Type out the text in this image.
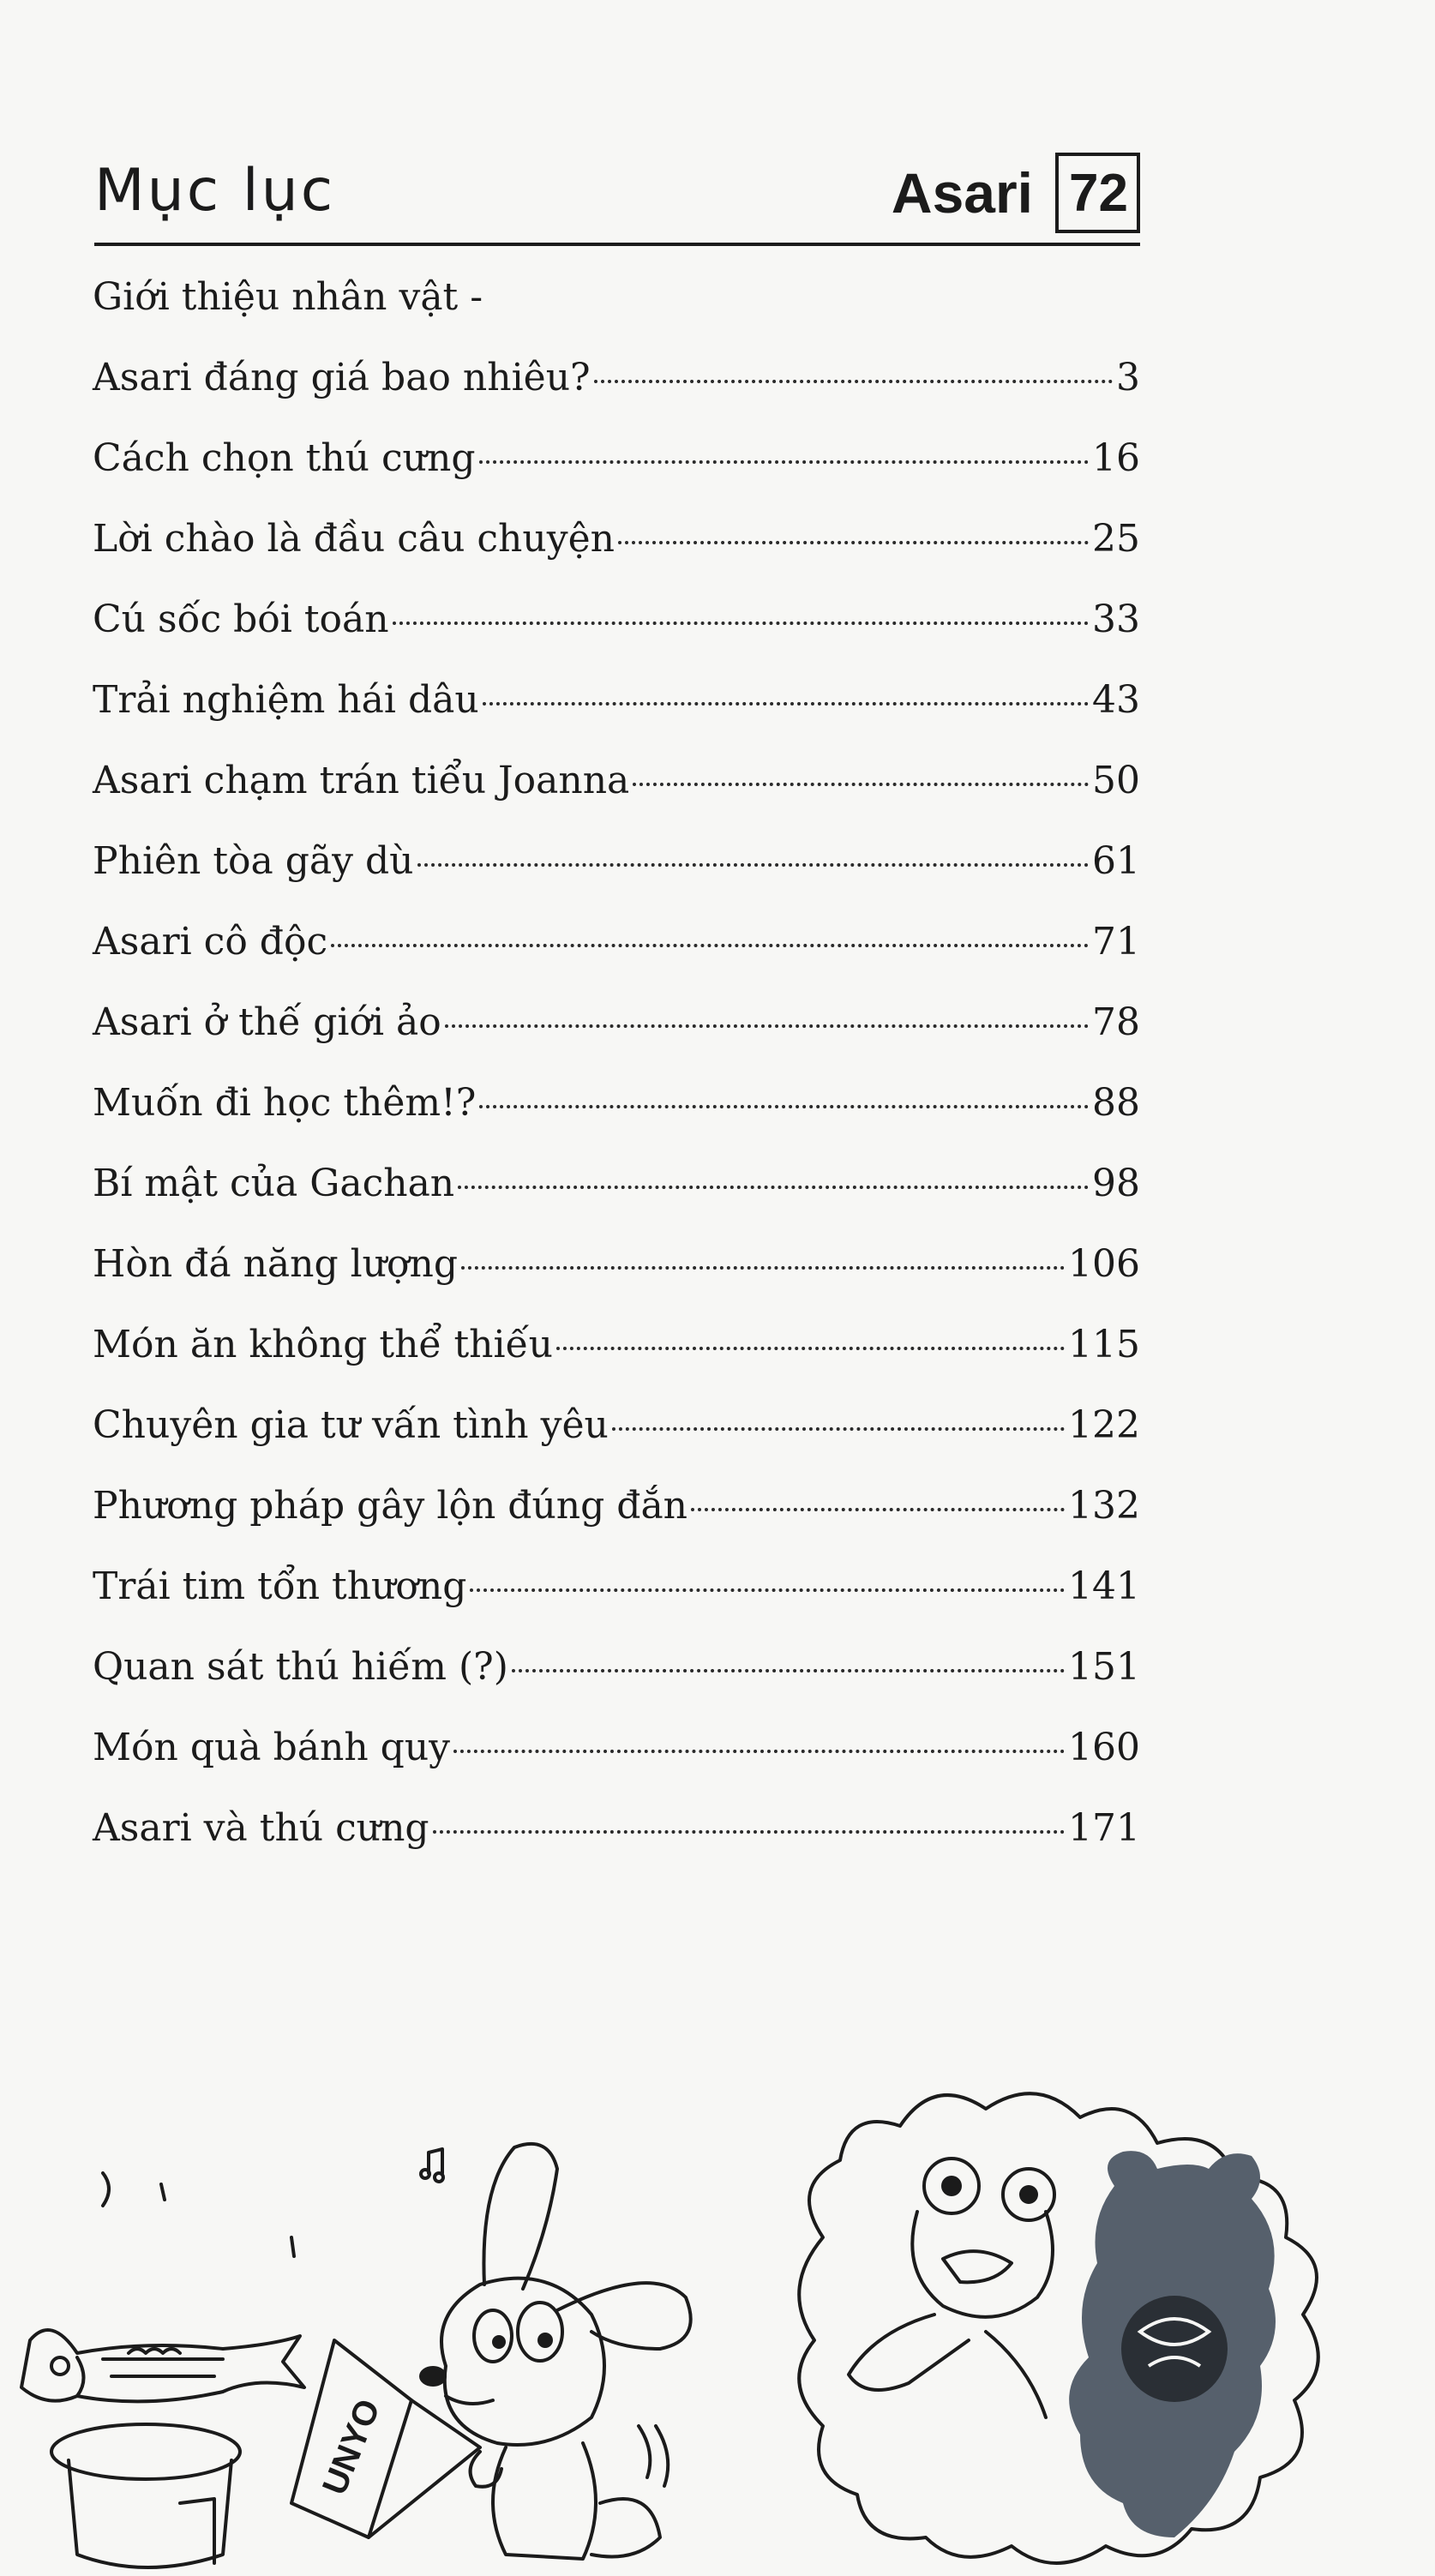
Mục lục	Asari 72
Giới thiệu nhân vật -
Asari đáng giá bao nhiêu?	3
Cách chọn thú cưng	16
Lời chào là đầu câu chuyện	25
Cú sốc bói toán	33
Trải nghiệm hái dâu	43
Asari chạm trán tiểu Joanna	50
Phiên tòa gãy dù	61
Asari cô độc	71
Asari ở thế giới ảo	78
Muốn đi học thêm!?	88
Bí mật của Gachan	98
Hòn đá năng lượng	106
Món ăn không thể thiếu	115
Chuyên gia tư vấn tình yêu	122
Phương pháp gây lộn đúng đắn	132
Trái tim tổn thương	141
Quan sát thú hiếm (?)	151
Món quà bánh quy	160
Asari và thú cưng	171
UNYO
